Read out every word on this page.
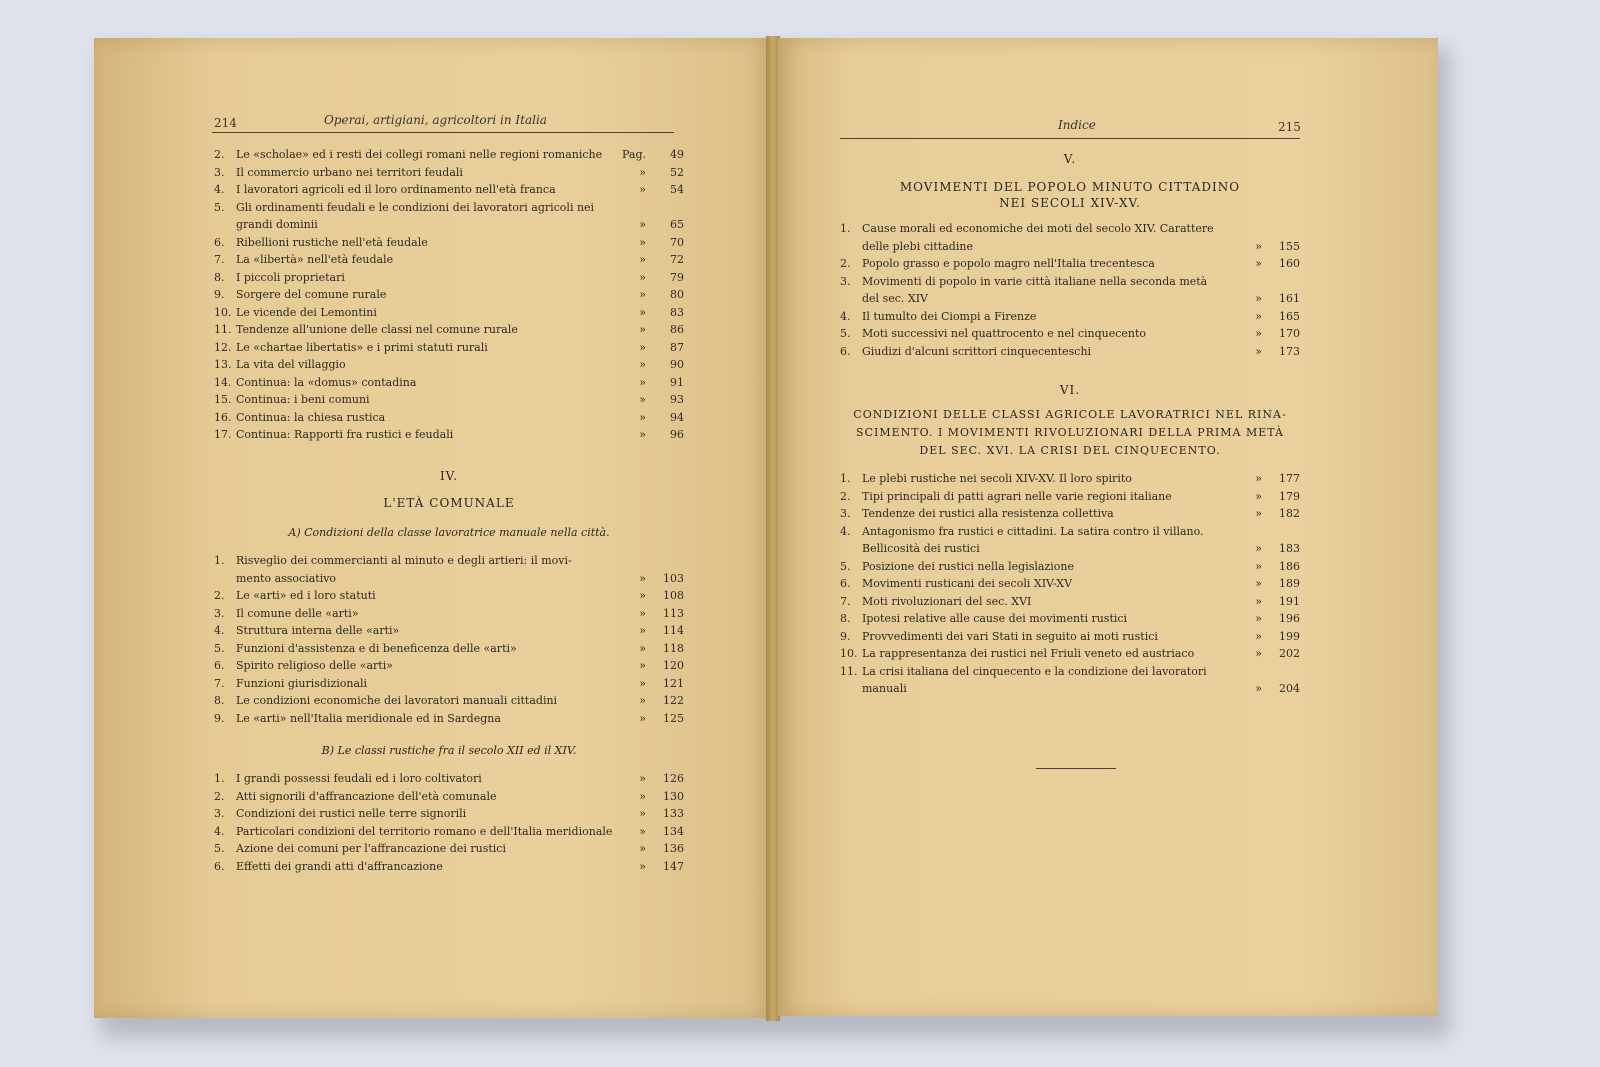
214	Operai, artigiani, agricoltori in Italia
2.	Le «scholae» ed i resti dei collegi romani nelle regioni romaniche	Pag.	49
3.	Il commercio urbano nei territori feudali	»	52
4.	I lavoratori agricoli ed il loro ordinamento nell'età franca	»	54
5.	Gli ordinamenti feudali e le condizioni dei lavoratori agricoli nei
grandi dominii	»	65
6.	Ribellioni rustiche nell'età feudale	»	70
7.	La «libertà» nell'età feudale	»	72
8.	I piccoli proprietari	»	79
9.	Sorgere del comune rurale	»	80
10. Le vicende dei Lemontini	»	83
11. Tendenze all'unione delle classi nel comune rurale	»	86
12. Le «chartae libertatis» e i primi statuti rurali	»	87
13. La vita del villaggio	»	90
14. Continua: la «domus» contadina	»	91
15. Continua: i beni comuni	»	93
16. Continua: la chiesa rustica	»	94
17. Continua: Rapporti fra rustici e feudali	»	96
IV.
L'ETÀ COMUNALE
A) Condizioni della classe lavoratrice manuale nella città.
1.	Risveglio dei commercianti al minuto e degli artieri: il movi-
mento associativo	»	103
2.	Le «arti» ed i loro statuti	»	108
3.	Il comune delle «arti»	»	113
4.	Struttura interna delle «arti»	»	114
5.	Funzioni d'assistenza e di beneficenza delle «arti»	»	118
6.	Spirito religioso delle «arti»	»	120
7.	Funzioni giurisdizionali	»	121
8.	Le condizioni economiche dei lavoratori manuali cittadini	»	122
9.	Le «arti» nell'Italia meridionale ed in Sardegna	»	125
B) Le classi rustiche fra il secolo XII ed il XIV.
1.	I grandi possessi feudali ed i loro coltivatori	»	126
2.	Atti signorili d'affrancazione dell'età comunale	»	130
3.	Condizioni dei rustici nelle terre signorili	»	133
4.	Particolari condizioni del territorio romano e dell'Italia meridionale	»	134
5.	Azione dei comuni per l'affrancazione dei rustici	»	136
6.	Effetti dei grandi atti d'affrancazione	»	147
Indice	215
V.
MOVIMENTI DEL POPOLO MINUTO CITTADINO
NEI SECOLI XIV-XV.
1.	Cause morali ed economiche dei moti del secolo XIV. Carattere
delle plebi cittadine	»	155
2.	Popolo grasso e popolo magro nell'Italia trecentesca	»	160
3.	Movimenti di popolo in varie città italiane nella seconda metà
del sec. XIV	»	161
4.	Il tumulto dei Ciompi a Firenze	»	165
5.	Moti successivi nel quattrocento e nel cinquecento	»	170
6.	Giudizi d'alcuni scrittori cinquecenteschi	»	173
VI.
CONDIZIONI DELLE CLASSI AGRICOLE LAVORATRICI NEL RINA-
SCIMENTO. I MOVIMENTI RIVOLUZIONARI DELLA PRIMA METÀ
DEL SEC. XVI. LA CRISI DEL CINQUECENTO.
1.	Le plebi rustiche nei secoli XIV-XV. Il loro spirito	»	177
2.	Tipi principali di patti agrari nelle varie regioni italiane	»	179
3.	Tendenze dei rustici alla resistenza collettiva	»	182
4.	Antagonismo fra rustici e cittadini. La satira contro il villano.
Bellicosità dei rustici	»	183
5.	Posizione dei rustici nella legislazione	»	186
6.	Movimenti rusticani dei secoli XIV-XV	»	189
7.	Moti rivoluzionari del sec. XVI	»	191
8.	Ipotesi relative alle cause dei movimenti rustici	»	196
9.	Provvedimenti dei vari Stati in seguito ai moti rustici	»	199
10. La rappresentanza dei rustici nel Friuli veneto ed austriaco	»	202
11. La crisi italiana del cinquecento e la condizione dei lavoratori
manuali	»	204
